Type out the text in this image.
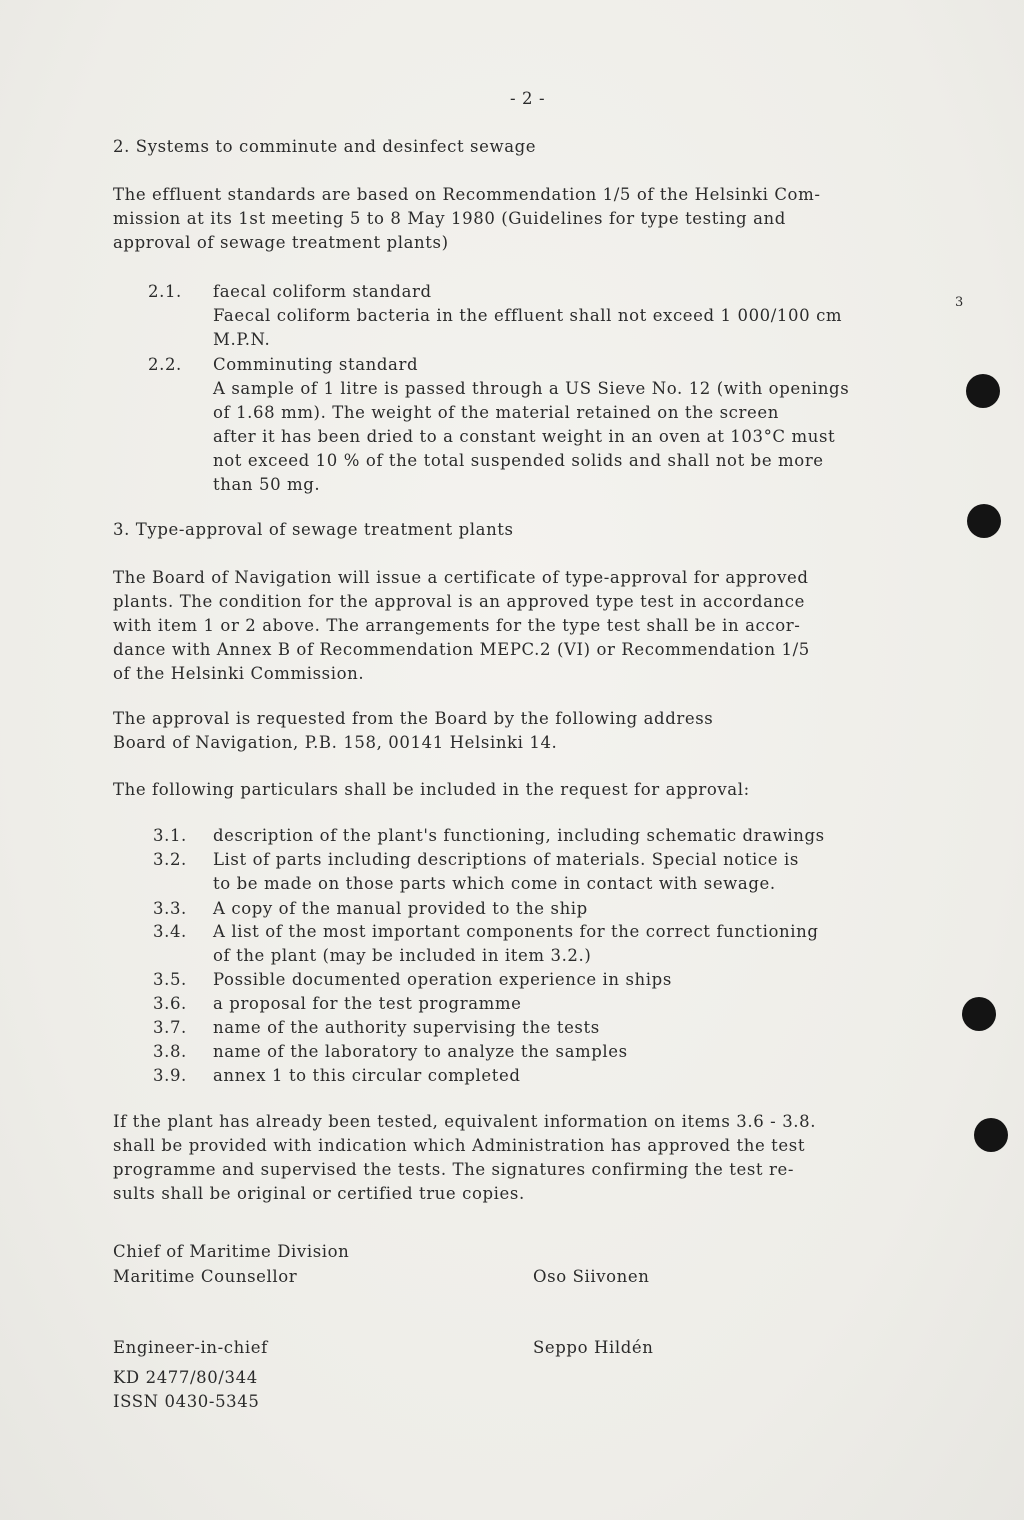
- 2 -
2. Systems to comminute and desinfect sewage
The effluent standards are based on Recommendation 1/5 of the Helsinki Com-
mission at its 1st meeting 5 to 8 May 1980 (Guidelines for type testing and
approval of sewage treatment plants)
2.1. faecal coliform standard
Faecal coliform bacteria in the effluent shall not exceed 1 000/100 cm
3
M.P.N.
2.2. Comminuting standard
A sample of 1 litre is passed through a US Sieve No. 12 (with openings
of 1.68 mm). The weight of the material retained on the screen
after it has been dried to a constant weight in an oven at 103°C must
not exceed 10 % of the total suspended solids and shall not be more
than 50 mg.
3. Type-approval of sewage treatment plants
The Board of Navigation will issue a certificate of type-approval for approved
plants. The condition for the approval is an approved type test in accordance
with item 1 or 2 above. The arrangements for the type test shall be in accor-
dance with Annex B of Recommendation MEPC.2 (VI) or Recommendation 1/5
of the Helsinki Commission.
The approval is requested from the Board by the following address
Board of Navigation, P.B. 158, 00141 Helsinki 14.
The following particulars shall be included in the request for approval:
3.1. description of the plant's functioning, including schematic drawings
3.2. List of parts including descriptions of materials. Special notice is
to be made on those parts which come in contact with sewage.
3.3. A copy of the manual provided to the ship
3.4. A list of the most important components for the correct functioning
of the plant (may be included in item 3.2.)
3.5. Possible documented operation experience in ships
3.6. a proposal for the test programme
3.7. name of the authority supervising the tests
3.8. name of the laboratory to analyze the samples
3.9. annex 1 to this circular completed
If the plant has already been tested, equivalent information on items 3.6 - 3.8.
shall be provided with indication which Administration has approved the test
programme and supervised the tests. The signatures confirming the test re-
sults shall be original or certified true copies.
Chief of Maritime Division
Maritime Counsellor	Oso Siivonen
Engineer-in-chief	Seppo Hildén
KD 2477/80/344
ISSN 0430-5345
